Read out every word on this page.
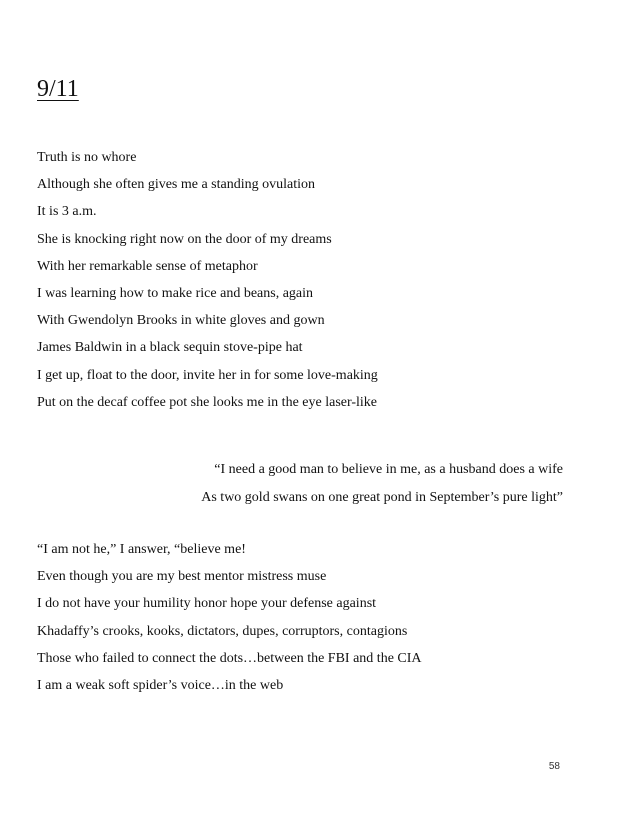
9/11
Truth is no whore
Although she often gives me a standing ovulation
It is 3 a.m.
She is knocking right now on the door of my dreams
With her remarkable sense of metaphor
I was learning how to make rice and beans, again
With Gwendolyn Brooks in white gloves and gown
James Baldwin in a black sequin stove-pipe hat
I get up, float to the door, invite her in for some love-making
Put on the decaf coffee pot she looks me in the eye laser-like
“I need a good man to believe in me, as a husband does a wife
As two gold swans on one great pond in September’s pure light”
“I am not he,” I answer, “believe me!
Even though you are my best mentor mistress muse
I do not have your humility honor hope your defense against
Khadaffy’s crooks, kooks, dictators, dupes, corruptors, contagions
Those who failed to connect the dots…between the FBI and the CIA
I am a weak soft spider’s voice…in the web
58
